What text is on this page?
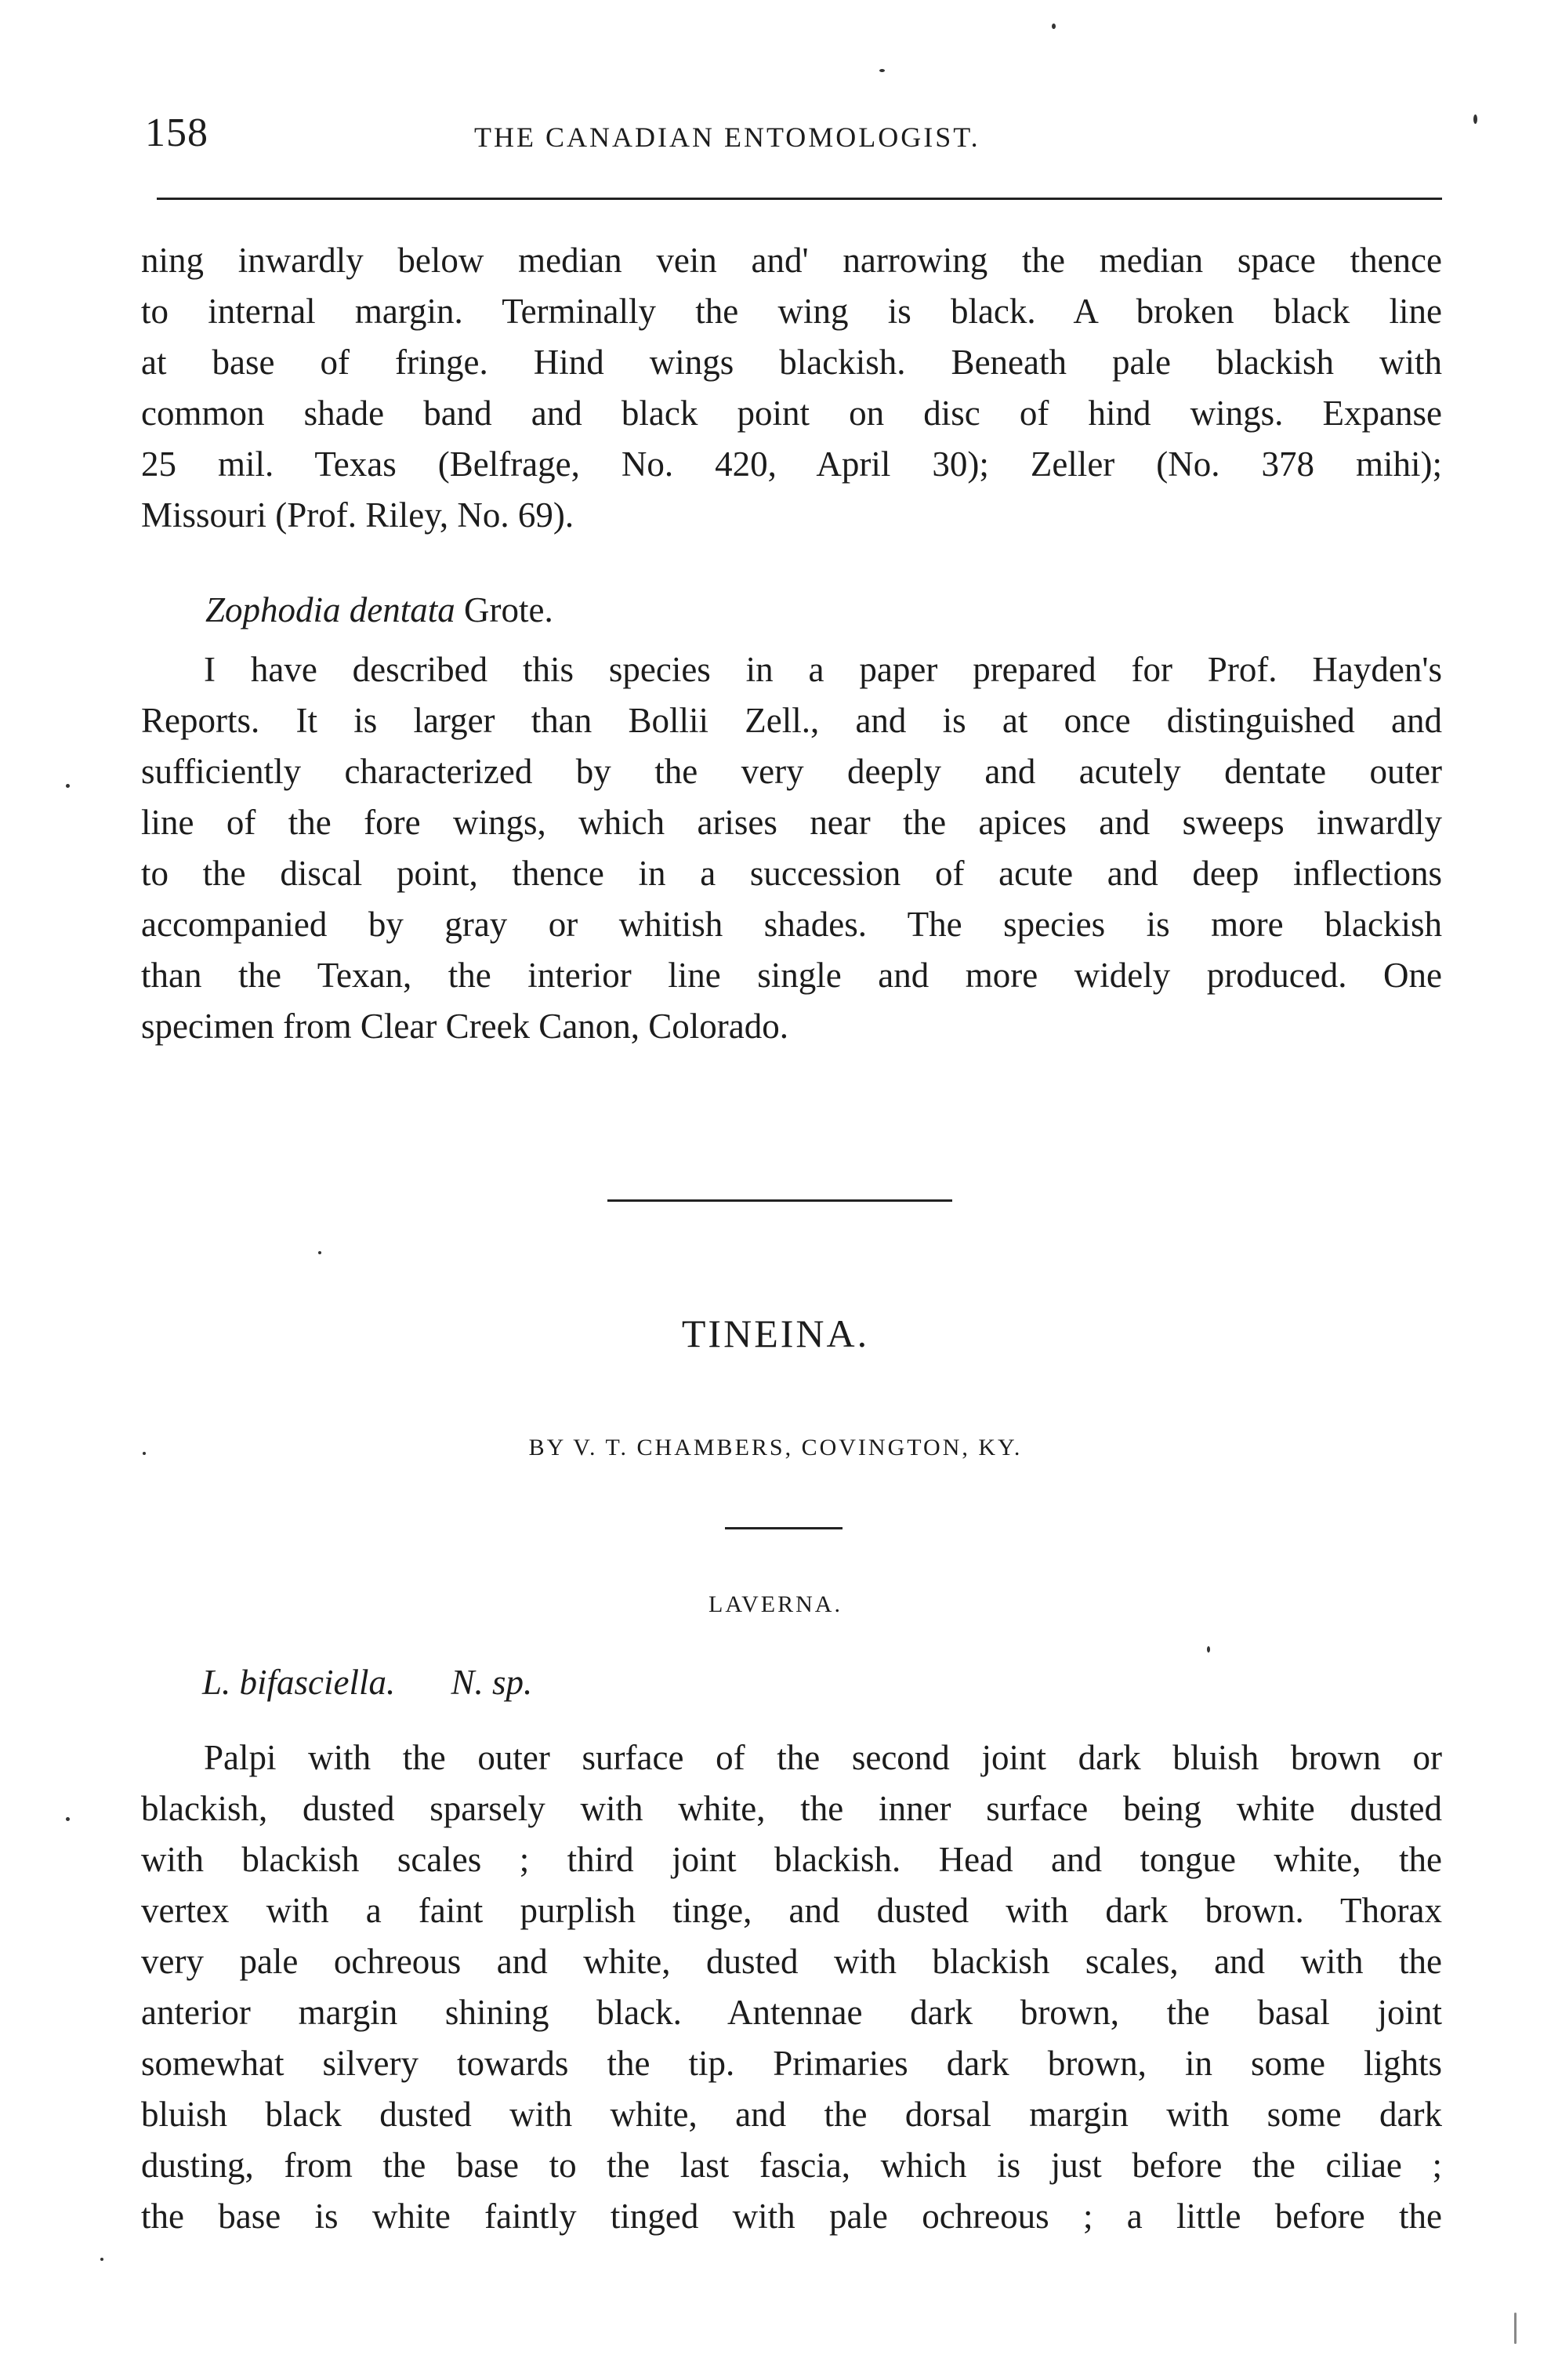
158	THE CANADIAN ENTOMOLOGIST.
ning inwardly below median vein and' narrowing the median space thence
to internal margin. Terminally the wing is black. A broken black line
at base of fringe. Hind wings blackish. Beneath pale blackish with
common shade band and black point on disc of hind wings. Expanse
25 mil. Texas (Belfrage, No. 420, April 30); Zeller (No. 378 mihi);
Missouri (Prof. Riley, No. 69).
Zophodia dentata Grote.
I have described this species in a paper prepared for Prof. Hayden's
Reports. It is larger than Bollii Zell., and is at once distinguished and
sufficiently characterized by the very deeply and acutely dentate outer
line of the fore wings, which arises near the apices and sweeps inwardly
to the discal point, thence in a succession of acute and deep inflections
accompanied by gray or whitish shades. The species is more blackish
than the Texan, the interior line single and more widely produced. One
specimen from Clear Creek Canon, Colorado.
TINEINA.
BY V. T. CHAMBERS, COVINGTON, KY.
LAVERNA.
L. bifasciella. N. sp.
Palpi with the outer surface of the second joint dark bluish brown or
blackish, dusted sparsely with white, the inner surface being white dusted
with blackish scales ; third joint blackish. Head and tongue white, the
vertex with a faint purplish tinge, and dusted with dark brown. Thorax
very pale ochreous and white, dusted with blackish scales, and with the
anterior margin shining black. Antennae dark brown, the basal joint
somewhat silvery towards the tip. Primaries dark brown, in some lights
bluish black dusted with white, and the dorsal margin with some dark
dusting, from the base to the last fascia, which is just before the ciliae ;
the base is white faintly tinged with pale ochreous ; a little before the
